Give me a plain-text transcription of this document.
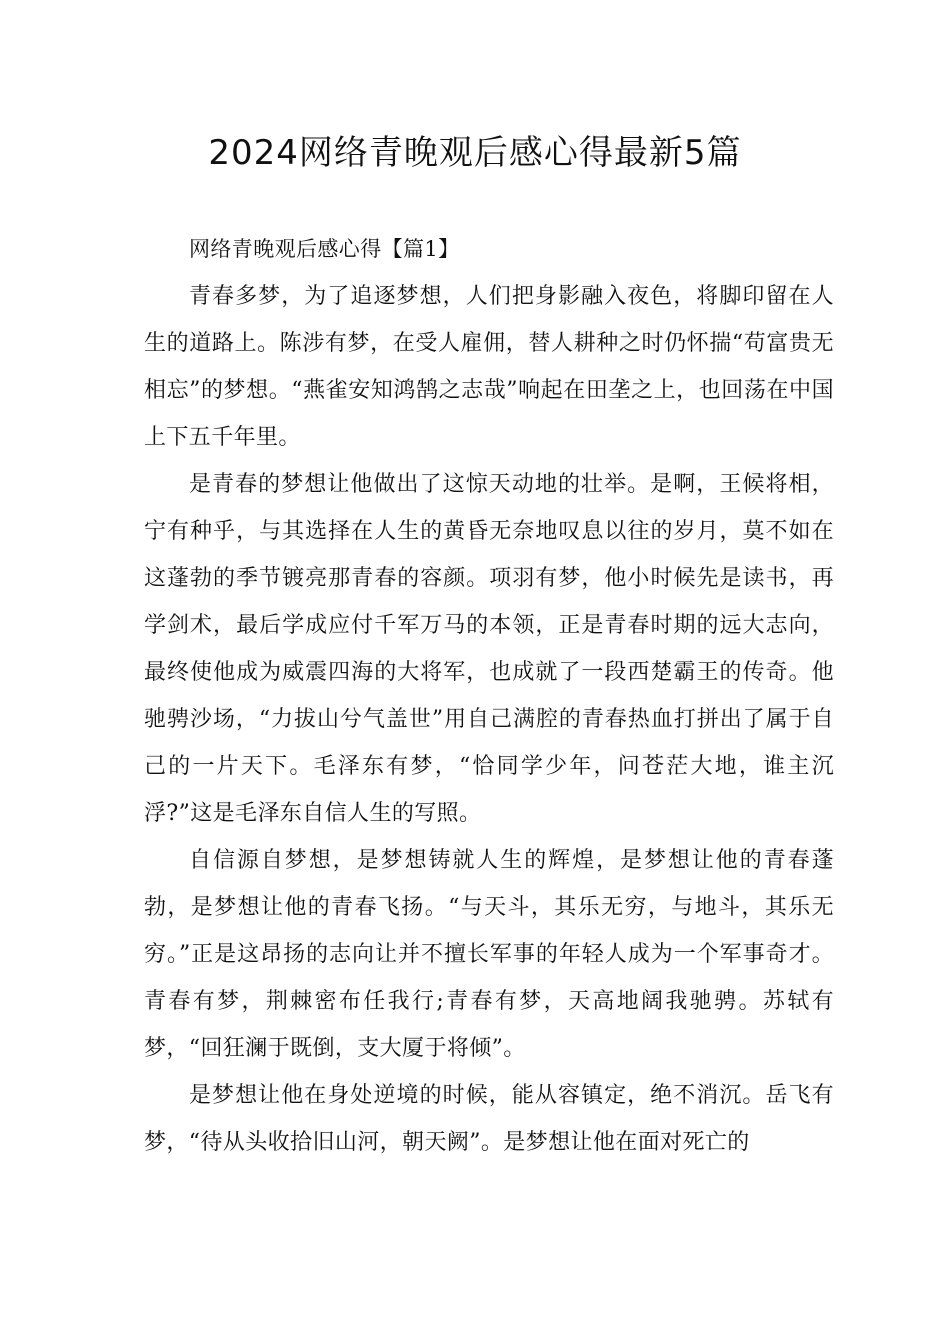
2024网络青晚观后感心得最新5篇

网络青晚观后感心得【篇1】

青春多梦，为了追逐梦想，人们把身影融入夜色，将脚印留在人生的道路上。陈涉有梦，在受人雇佣，替人耕种之时仍怀揣“苟富贵无相忘”的梦想。“燕雀安知鸿鹄之志哉”响起在田垄之上，也回荡在中国上下五千年里。

是青春的梦想让他做出了这惊天动地的壮举。是啊，王候将相，宁有种乎，与其选择在人生的黄昏无奈地叹息以往的岁月，莫不如在这蓬勃的季节镀亮那青春的容颜。项羽有梦，他小时候先是读书，再学剑术，最后学成应付千军万马的本领，正是青春时期的远大志向，最终使他成为威震四海的大将军，也成就了一段西楚霸王的传奇。他驰骋沙场，“力拔山兮气盖世”用自己满腔的青春热血打拼出了属于自己的一片天下。毛泽东有梦，“恰同学少年，问苍茫大地，谁主沉浮?”这是毛泽东自信人生的写照。

自信源自梦想，是梦想铸就人生的辉煌，是梦想让他的青春蓬勃，是梦想让他的青春飞扬。“与天斗，其乐无穷，与地斗，其乐无穷。”正是这昂扬的志向让并不擅长军事的年轻人成为一个军事奇才。青春有梦，荆棘密布任我行;青春有梦，天高地阔我驰骋。苏轼有梦，“回狂澜于既倒，支大厦于将倾”。

是梦想让他在身处逆境的时候，能从容镇定，绝不消沉。岳飞有梦，“待从头收拾旧山河，朝天阙”。是梦想让他在面对死亡的
